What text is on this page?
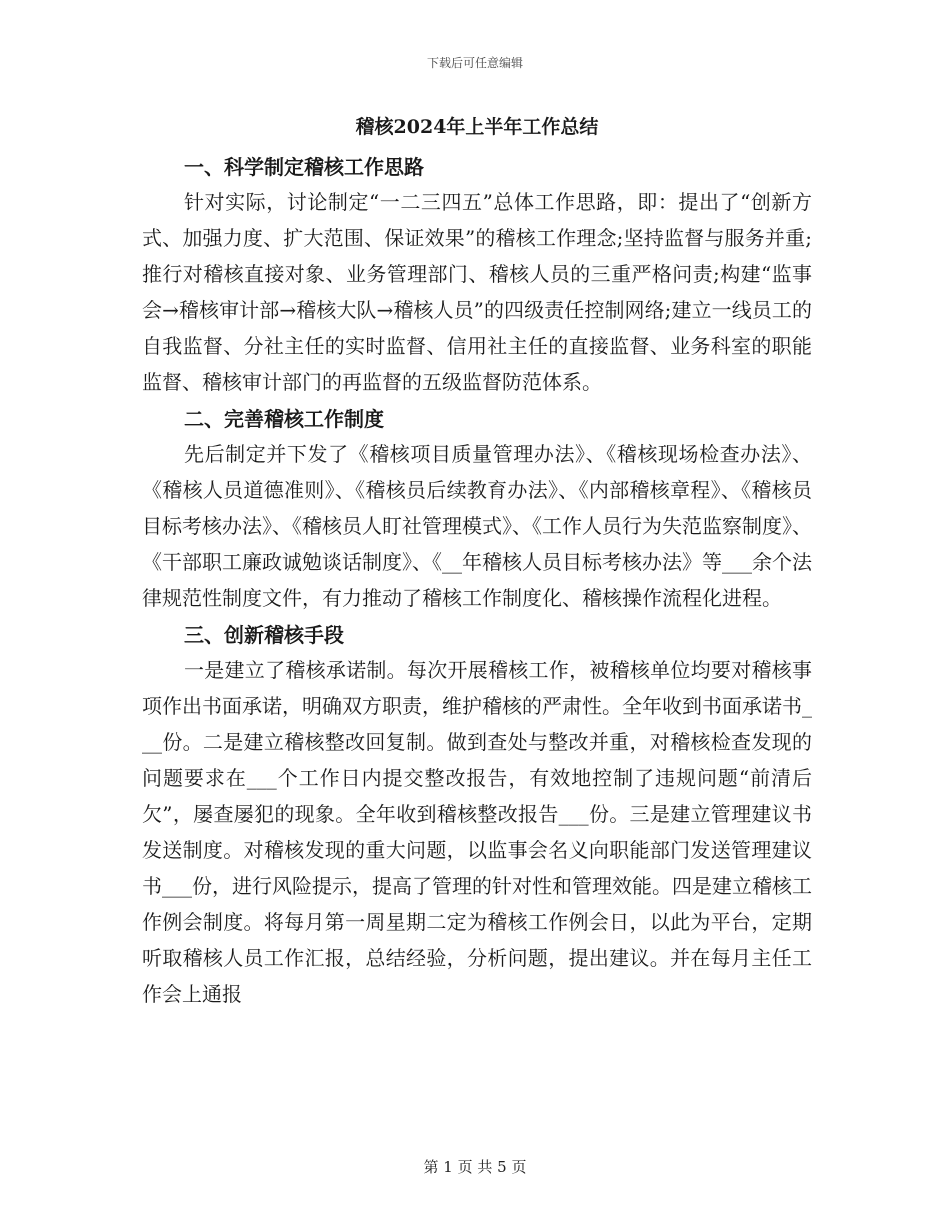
下载后可任意编辑
稽核2024年上半年工作总结
一、科学制定稽核工作思路

针对实际，讨论制定“一二三四五”总体工作思路，即：提出了“创新方式、加强力度、扩大范围、保证效果”的稽核工作理念;坚持监督与服务并重;推行对稽核直接对象、业务管理部门、稽核人员的三重严格问责;构建“监事会→稽核审计部→稽核大队→稽核人员”的四级责任控制网络;建立一线员工的自我监督、分社主任的实时监督、信用社主任的直接监督、业务科室的职能监督、稽核审计部门的再监督的五级监督防范体系。

二、完善稽核工作制度

先后制定并下发了《稽核项目质量管理办法》、《稽核现场检查办法》、《稽核人员道德准则》、《稽核员后续教育办法》、《内部稽核章程》、《稽核员目标考核办法》、《稽核员人盯社管理模式》、《工作人员行为失范监察制度》、《干部职工廉政诚勉谈话制度》、《__年稽核人员目标考核办法》等___余个法律规范性制度文件，有力推动了稽核工作制度化、稽核操作流程化进程。

三、创新稽核手段

一是建立了稽核承诺制。每次开展稽核工作，被稽核单位均要对稽核事项作出书面承诺，明确双方职责，维护稽核的严肃性。全年收到书面承诺书___份。二是建立稽核整改回复制。做到查处与整改并重，对稽核检查发现的问题要求在___个工作日内提交整改报告，有效地控制了违规问题“前清后欠”，屡查屡犯的现象。全年收到稽核整改报告___份。三是建立管理建议书发送制度。对稽核发现的重大问题，以监事会名义向职能部门发送管理建议书___份，进行风险提示，提高了管理的针对性和管理效能。四是建立稽核工作例会制度。将每月第一周星期二定为稽核工作例会日，以此为平台，定期听取稽核人员工作汇报，总结经验，分析问题，提出建议。并在每月主任工作会上通报

第 1 页 共 5 页
